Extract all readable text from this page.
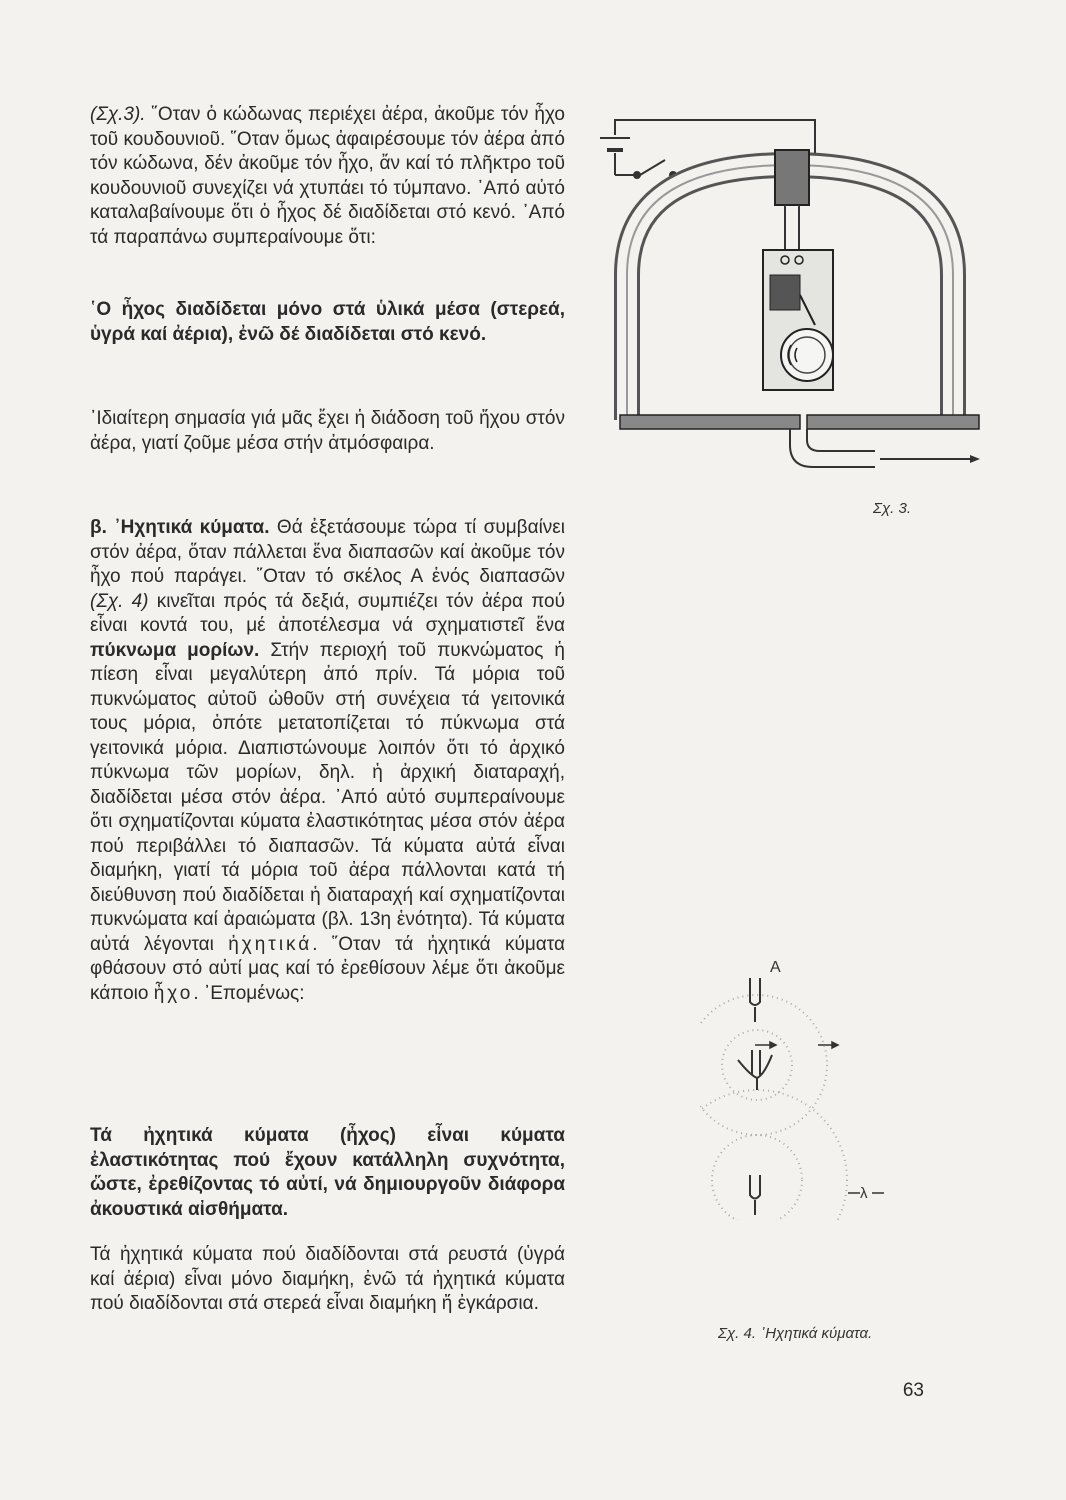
(Σχ.3). ῞Οταν ὁ κώδωνας περιέχει ἀέρα, ἀκοῦμε τόν ἦχο τοῦ κουδουνιοῦ. ῞Οταν ὅμως ἀφαιρέσουμε τόν ἀέρα ἀπό τόν κώδωνα, δέν ἀκοῦμε τόν ἦχο, ἄν καί τό πλῆκτρο τοῦ κουδουνιοῦ συνεχίζει νά χτυπάει τό τύμπανο. ᾽Από αὐτό καταλαβαίνουμε ὅτι ὁ ἦχος δέ διαδίδεται στό κενό. ᾽Από τά παραπάνω συμπεραίνουμε ὅτι:

῾Ο ἦχος διαδίδεται μόνο στά ὑλικά μέσα (στερεά, ὑγρά καί ἀέρια), ἐνῶ δέ διαδίδεται στό κενό.

᾽Ιδιαίτερη σημασία γιά μᾶς ἔχει ἡ διάδοση τοῦ ἤχου στόν ἀέρα, γιατί ζοῦμε μέσα στήν ἀτμόσφαιρα.

β. ᾽Ηχητικά κύματα. Θά ἐξετάσουμε τώρα τί συμβαίνει στόν ἀέρα, ὅταν πάλλεται ἕνα διαπασῶν καί ἀκοῦμε τόν ἦχο πού παράγει. ῞Οταν τό σκέλος Α ἑνός διαπασῶν (Σχ. 4) κινεῖται πρός τά δεξιά, συμπιέζει τόν ἀέρα πού εἶναι κοντά του, μέ ἀποτέλεσμα νά σχηματιστεῖ ἕνα πύκνωμα μορίων. Στήν περιοχή τοῦ πυκνώματος ἡ πίεση εἶναι μεγαλύτερη ἀπό πρίν. Τά μόρια τοῦ πυκνώματος αὐτοῦ ὠθοῦν στή συνέχεια τά γειτονικά τους μόρια, ὁπότε μετατοπίζεται τό πύκνωμα στά γειτονικά μόρια. Διαπιστώνουμε λοιπόν ὅτι τό ἀρχικό πύκνωμα τῶν μορίων, δηλ. ἡ ἀρχική διαταραχή, διαδίδεται μέσα στόν ἀέρα. ᾽Από αὐτό συμπεραίνουμε ὅτι σχηματίζονται κύματα ἐλαστικότητας μέσα στόν ἀέρα πού περιβάλλει τό διαπασῶν. Τά κύματα αὐτά εἶναι διαμήκη, γιατί τά μόρια τοῦ ἀέρα πάλλονται κατά τή διεύθυνση πού διαδίδεται ἡ διαταραχή καί σχηματίζονται πυκνώματα καί ἀραιώματα (βλ. 13η ἑνότητα). Τά κύματα αὐτά λέγονται ἠχητικά. ῞Οταν τά ἠχητικά κύματα φθάσουν στό αὐτί μας καί τό ἐρεθίσουν λέμε ὅτι ἀκοῦμε κάποιο ἦχο. ᾽Επομένως:

Τά ἠχητικά κύματα (ἦχος) εἶναι κύματα ἐλαστικότητας πού ἔχουν κατάλληλη συχνότητα, ὥστε, ἐρεθίζοντας τό αὐτί, νά δημιουργοῦν διάφορα ἀκουστικά αἰσθήματα.

Τά ἠχητικά κύματα πού διαδίδονται στά ρευστά (ὑγρά καί ἀέρια) εἶναι μόνο διαμήκη, ἐνῶ τά ἠχητικά κύματα πού διαδίδονται στά στερεά εἶναι διαμήκη ἤ ἐγκάρσια.

Σχ. 3.
Α
λ
Σχ. 4. ᾽Ηχητικά κύματα.
63
